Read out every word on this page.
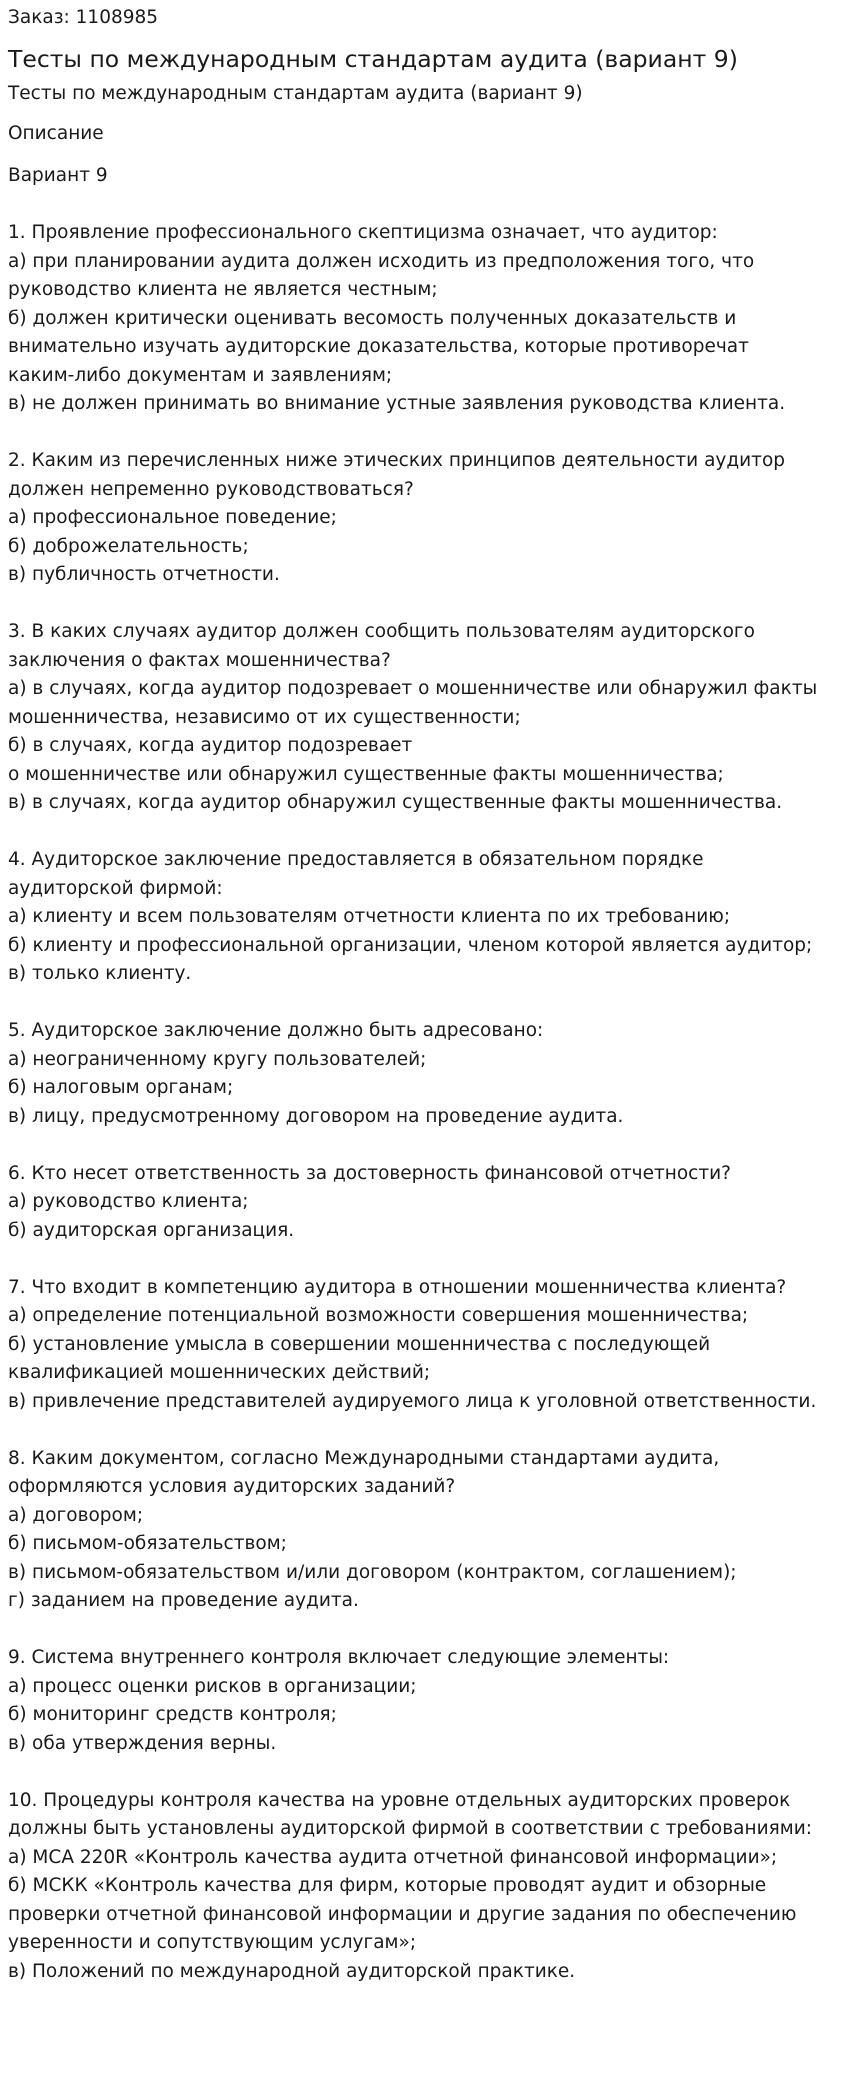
Заказ: 1108985
Тесты по международным стандартам аудита (вариант 9)
Тесты по международным стандартам аудита (вариант 9)
Описание
Вариант 9

1. Проявление профессионального скептицизма означает, что аудитор:
а) при планировании аудита должен исходить из предположения того, что
руководство клиента не является честным;
б) должен критически оценивать весомость полученных доказательств и
внимательно изучать аудиторские доказательства, которые противоречат
каким-либо документам и заявлениям;
в) не должен принимать во внимание устные заявления руководства клиента.

2. Каким из перечисленных ниже этических принципов деятельности аудитор
должен непременно руководствоваться?
а) профессиональное поведение;
б) доброжелательность;
в) публичность отчетности.

3. В каких случаях аудитор должен сообщить пользователям аудиторского
заключения о фактах мошенничества?
а) в случаях, когда аудитор подозревает о мошенничестве или обнаружил факты
мошенничества, независимо от их существенности;
б) в случаях, когда аудитор подозревает
о мошенничестве или обнаружил существенные факты мошенничества;
в) в случаях, когда аудитор обнаружил существенные факты мошенничества.

4. Аудиторское заключение предоставляется в обязательном порядке
аудиторской фирмой:
а) клиенту и всем пользователям отчетности клиента по их требованию;
б) клиенту и профессиональной организации, членом которой является аудитор;
в) только клиенту.

5. Аудиторское заключение должно быть адресовано:
а) неограниченному кругу пользователей;
б) налоговым органам;
в) лицу, предусмотренному договором на проведение аудита.

6. Кто несет ответственность за достоверность финансовой отчетности?
а) руководство клиента;
б) аудиторская организация.

7. Что входит в компетенцию аудитора в отношении мошенничества клиента?
а) определение потенциальной возможности совершения мошенничества;
б) установление умысла в совершении мошенничества с последующей
квалификацией мошеннических действий;
в) привлечение представителей аудируемого лица к уголовной ответственности.

8. Каким документом, согласно Международными стандартами аудита,
оформляются условия аудиторских заданий?
а) договором;
б) письмом-обязательством;
в) письмом-обязательством и/или договором (контрактом, соглашением);
г) заданием на проведение аудита.

9. Система внутреннего контроля включает следующие элементы:
а) процесс оценки рисков в организации;
б) мониторинг средств контроля;
в) оба утверждения верны.

10. Процедуры контроля качества на уровне отдельных аудиторских проверок
должны быть установлены аудиторской фирмой в соответствии с требованиями:
а) МСА 220R «Контроль качества аудита отчетной финансовой информации»;
б) МСКК «Контроль качества для фирм, которые проводят аудит и обзорные
проверки отчетной финансовой информации и другие задания по обеспечению
уверенности и сопутствующим услугам»;
в) Положений по международной аудиторской практике.
